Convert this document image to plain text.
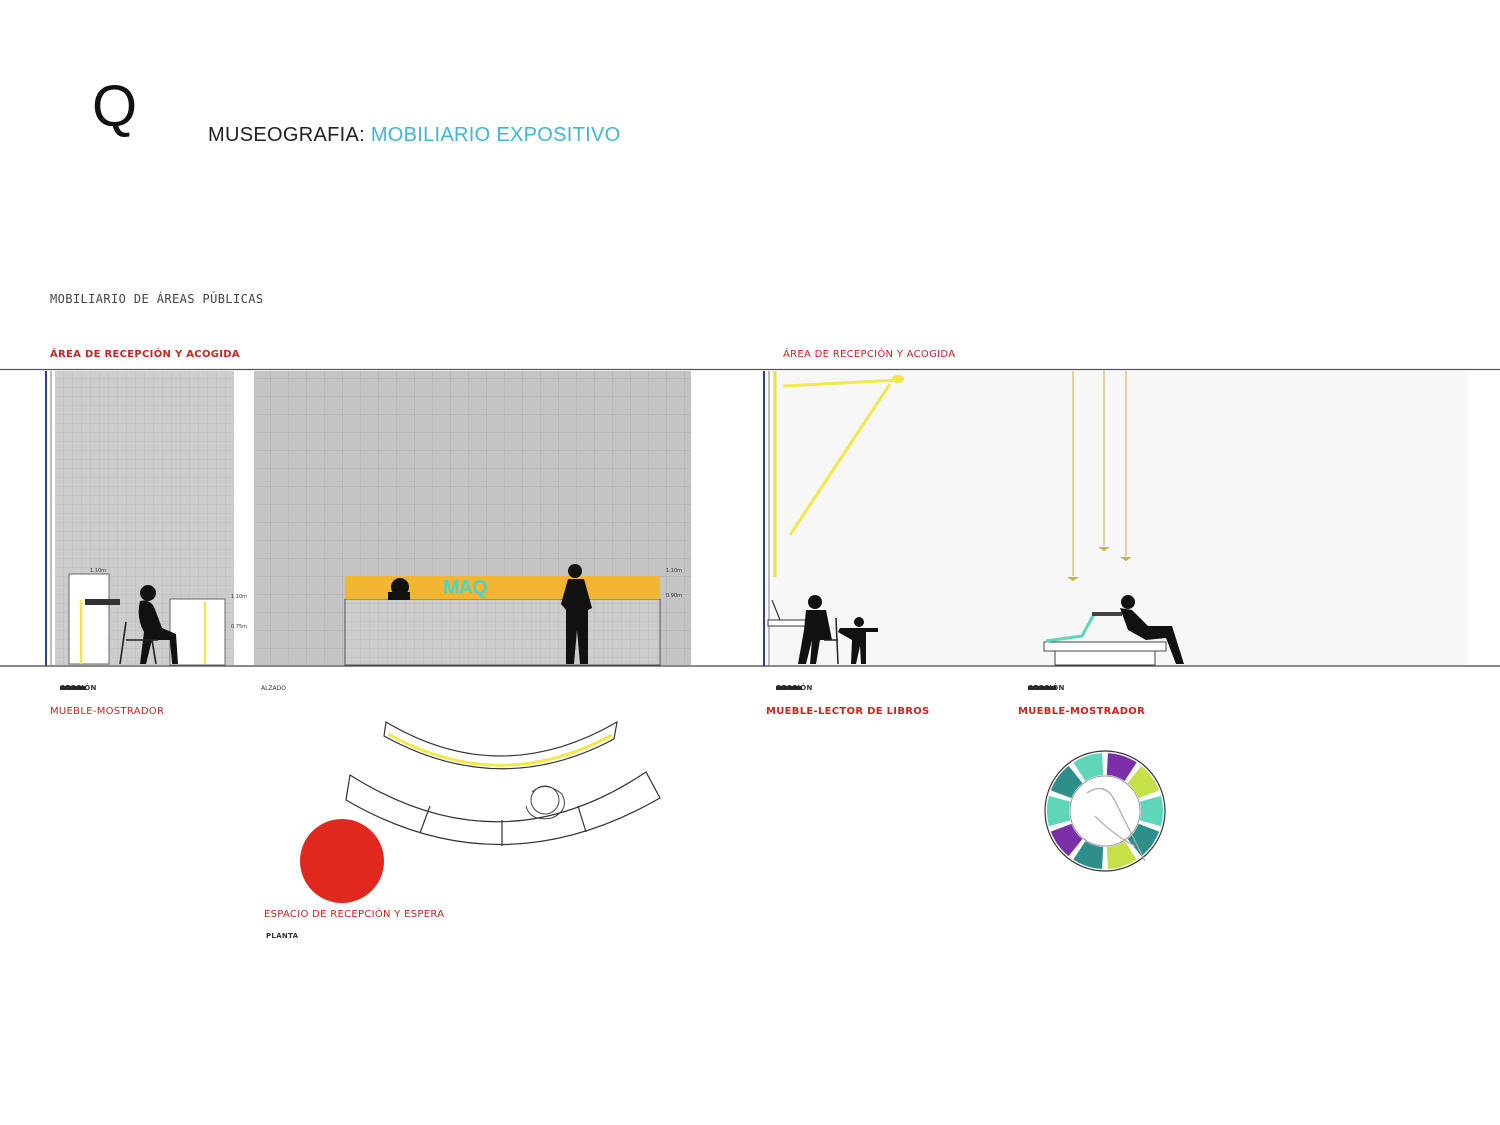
Q	MUSEOGRAFIA: MOBILIARIO EXPOSITIVO
MOBILIARIO DE ÁREAS PÚBLICAS
ÁREA DE RECEPCIÓN Y ACOGIDA	ÁREA DE RECEPCIÓN Y ACOGIDA
MAQ
1.10m
0.90m
1.10m
0.75m
1.10m
ALZADO
SECCIÓN
MUEBLE-MOSTRADOR
SECCIÓN	SECCIÓN
MUEBLE-LECTOR DE LIBROS	MUEBLE-MOSTRADOR
ESPACIO DE RECEPCIÓN Y ESPERA
PLANTA
